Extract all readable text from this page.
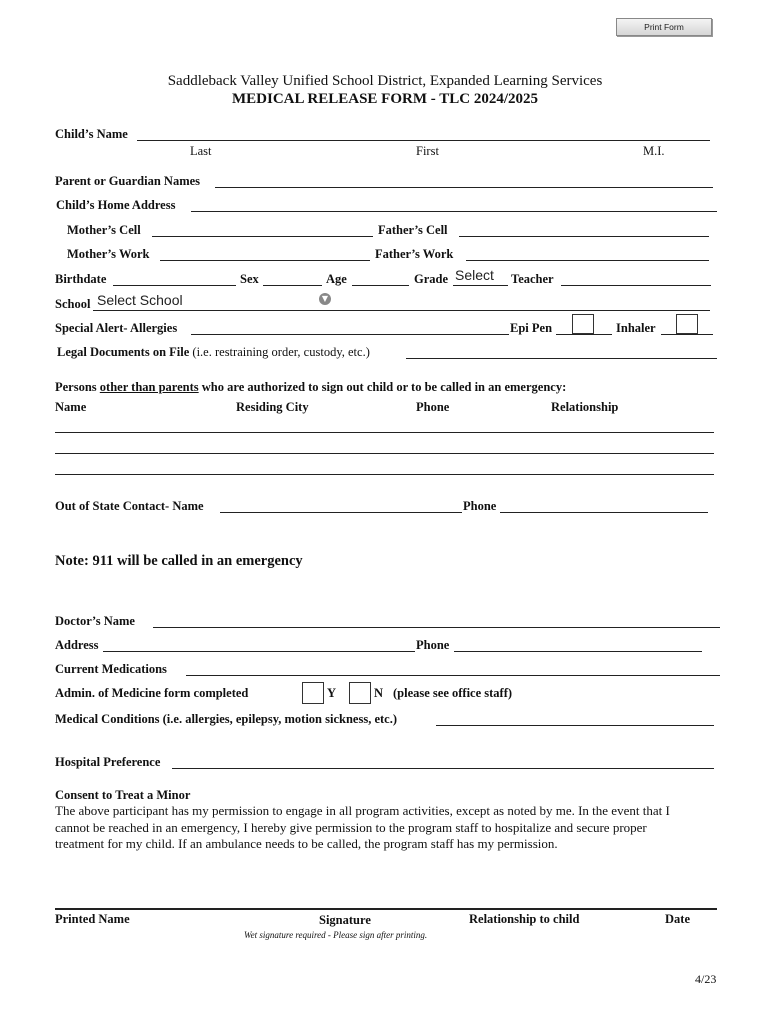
Print Form
Saddleback Valley Unified School District, Expanded Learning Services
MEDICAL RELEASE FORM - TLC 2024/2025
Child’s Name
Last	First	M.I.
Parent or Guardian Names
Child’s Home Address
Mother’s Cell	Father’s Cell
Mother’s Work	Father’s Work
Birthdate	Sex	Age	Grade Select Teacher
School Select School	▼
Special Alert- Allergies	Epi Pen	Inhaler
Legal Documents on File (i.e. restraining order, custody, etc.)
Persons other than parents who are authorized to sign out child or to be called in an emergency:
Name	Residing City	Phone	Relationship
Out of State Contact- Name	Phone
Note: 911 will be called in an emergency
Doctor’s Name
Address	Phone
Current Medications
Admin. of Medicine form completed	Y	N (please see office staff)
Medical Conditions (i.e. allergies, epilepsy, motion sickness, etc.)
Hospital Preference
Consent to Treat a Minor
The above participant has my permission to engage in all program activities, except as noted by me. In the event that I
cannot be reached in an emergency, I hereby give permission to the program staff to hospitalize and secure proper
treatment for my child. If an ambulance needs to be called, the program staff has my permission.
Printed Name	Signature	Relationship to child	Date
Wet signature required - Please sign after printing.
4/23
